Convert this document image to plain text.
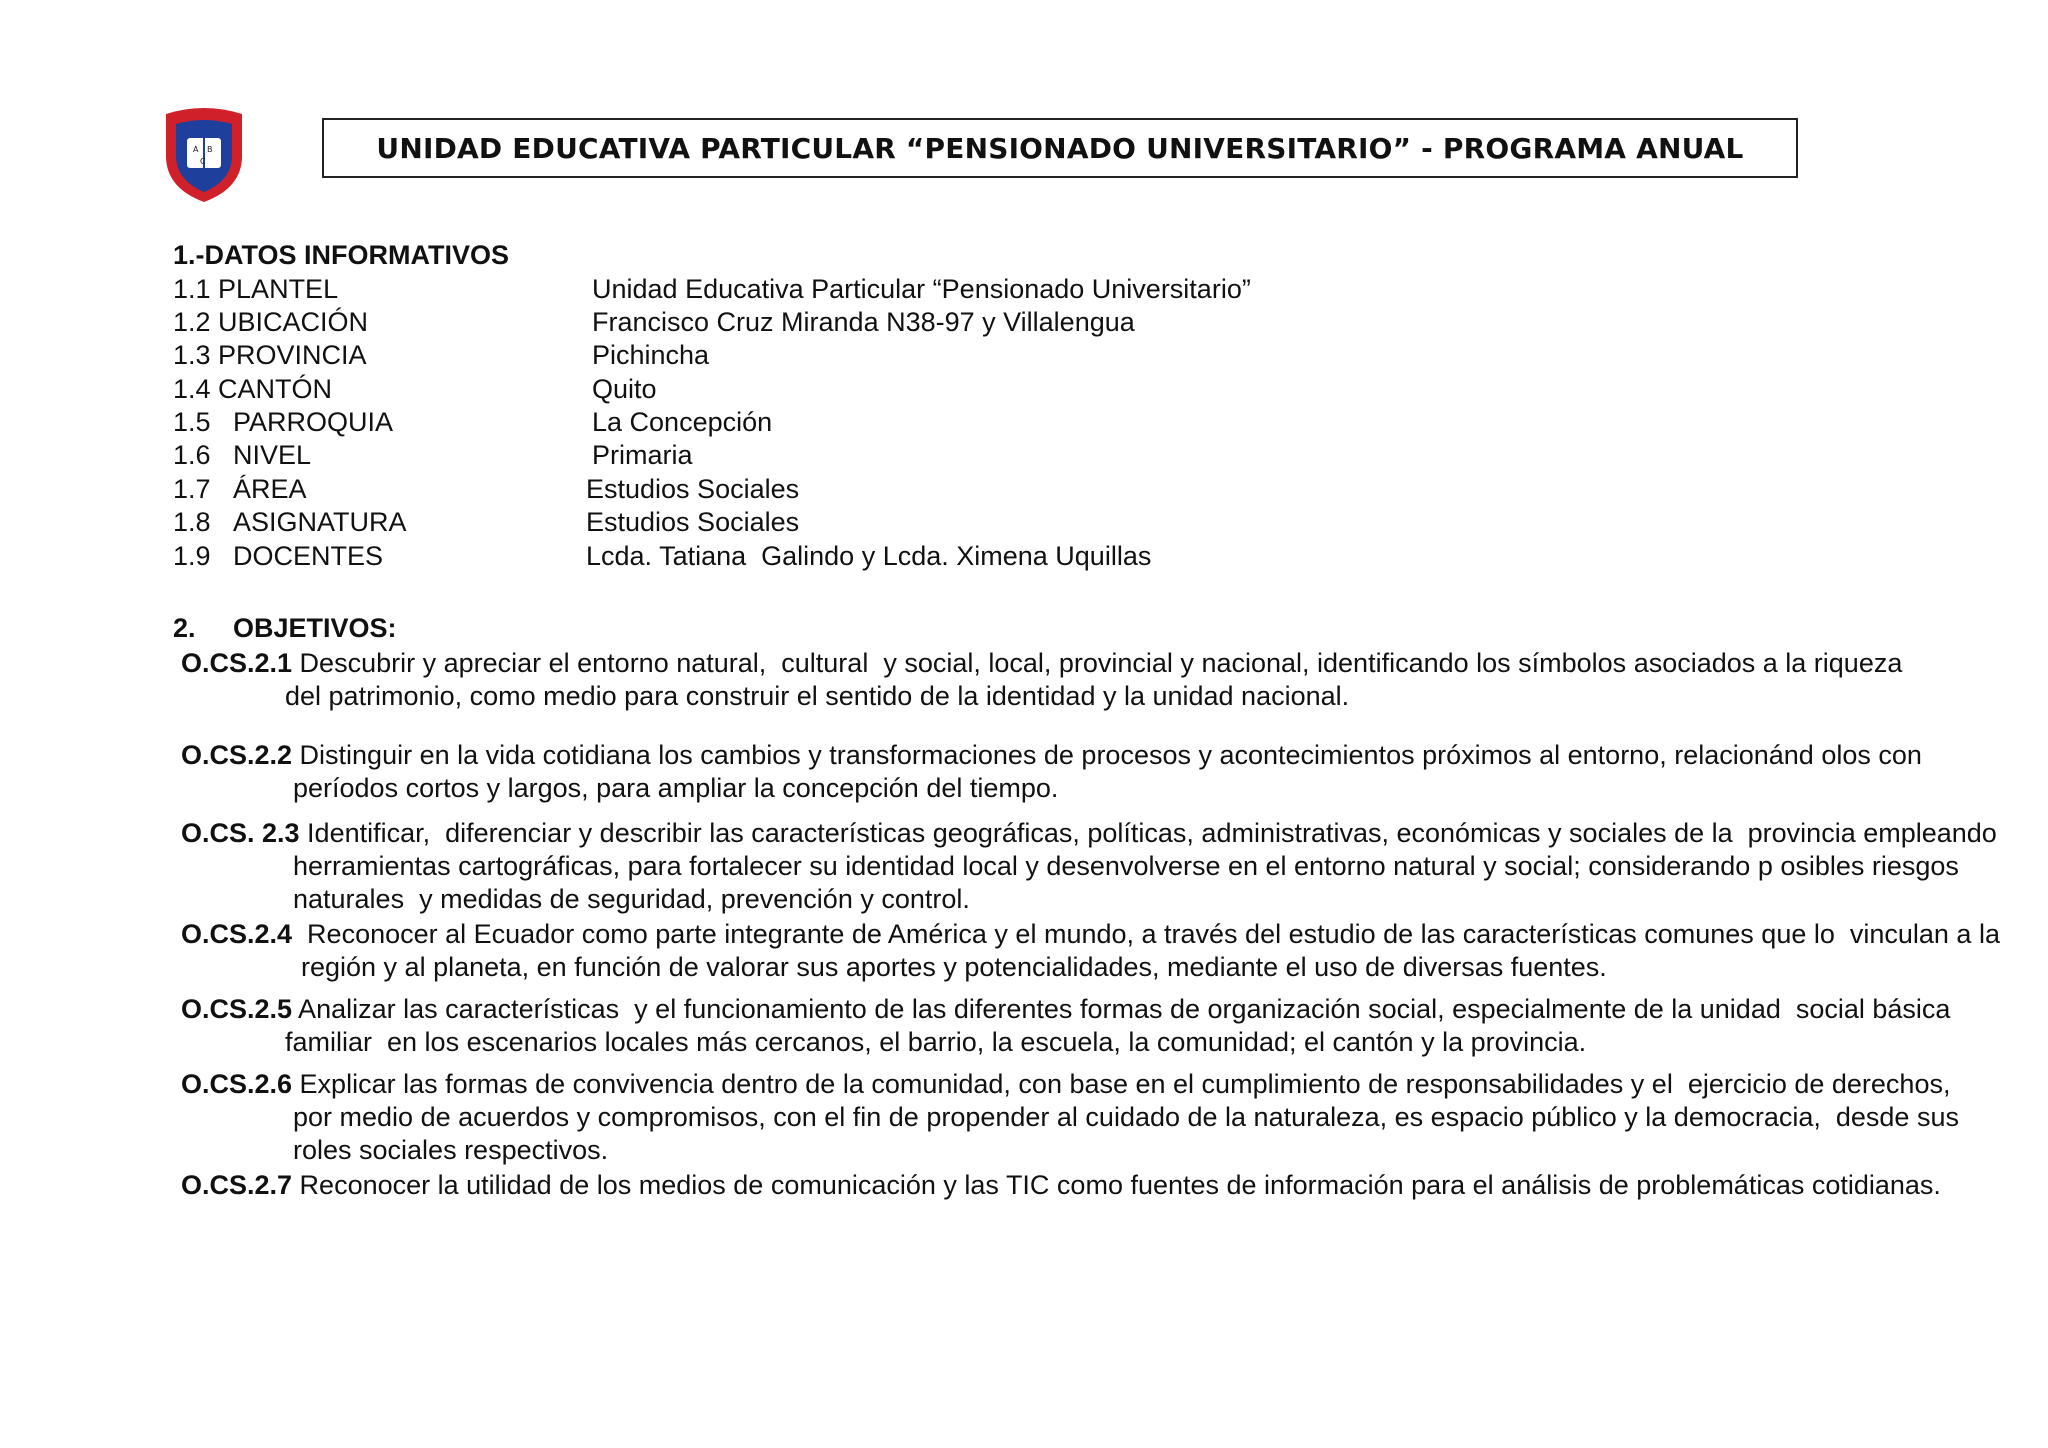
A B
C	UNIDAD EDUCATIVA PARTICULAR “PENSIONADO UNIVERSITARIO” - PROGRAMA ANUAL
1.-DATOS INFORMATIVOS
1.1 PLANTEL	Unidad Educativa Particular “Pensionado Universitario”
1.2 UBICACIÓN	Francisco Cruz Miranda N38-97 y Villalengua
1.3 PROVINCIA	Pichincha
1.4 CANTÓN	Quito
1.5   PARROQUIA	La Concepción
1.6 NIVEL	Primaria
1.7 ÁREA	Estudios Sociales
1.8 ASIGNATURA	Estudios Sociales
1.9 DOCENTES	Lcda. Tatiana  Galindo y Lcda. Ximena Uquillas
2. OBJETIVOS:
O.CS.2.1 Descubrir y apreciar el entorno natural,  cultural  y social, local, provincial y nacional, identificando los símbolos asociados a la riqueza
del patrimonio, como medio para construir el sentido de la identidad y la unidad nacional.
O.CS.2.2 Distinguir en la vida cotidiana los cambios y transformaciones de procesos y acontecimientos próximos al entorno, relacionánd olos con
períodos cortos y largos, para ampliar la concepción del tiempo.
O.CS. 2.3 Identificar,  diferenciar y describir las características geográficas, políticas, administrativas, económicas y sociales de la  provincia empleando
herramientas cartográficas, para fortalecer su identidad local y desenvolverse en el entorno natural y social; considerando p osibles riesgos
naturales  y medidas de seguridad, prevención y control.
O.CS.2.4  Reconocer al Ecuador como parte integrante de América y el mundo, a través del estudio de las características comunes que lo  vinculan a la
región y al planeta, en función de valorar sus aportes y potencialidades, mediante el uso de diversas fuentes.
O.CS.2.5 Analizar las características  y el funcionamiento de las diferentes formas de organización social, especialmente de la unidad  social básica
familiar  en los escenarios locales más cercanos, el barrio, la escuela, la comunidad; el cantón y la provincia.
O.CS.2.6 Explicar las formas de convivencia dentro de la comunidad, con base en el cumplimiento de responsabilidades y el  ejercicio de derechos,
por medio de acuerdos y compromisos, con el fin de propender al cuidado de la naturaleza, es espacio público y la democracia,  desde sus
roles sociales respectivos.
O.CS.2.7 Reconocer la utilidad de los medios de comunicación y las TIC como fuentes de información para el análisis de problemáticas cotidianas.
